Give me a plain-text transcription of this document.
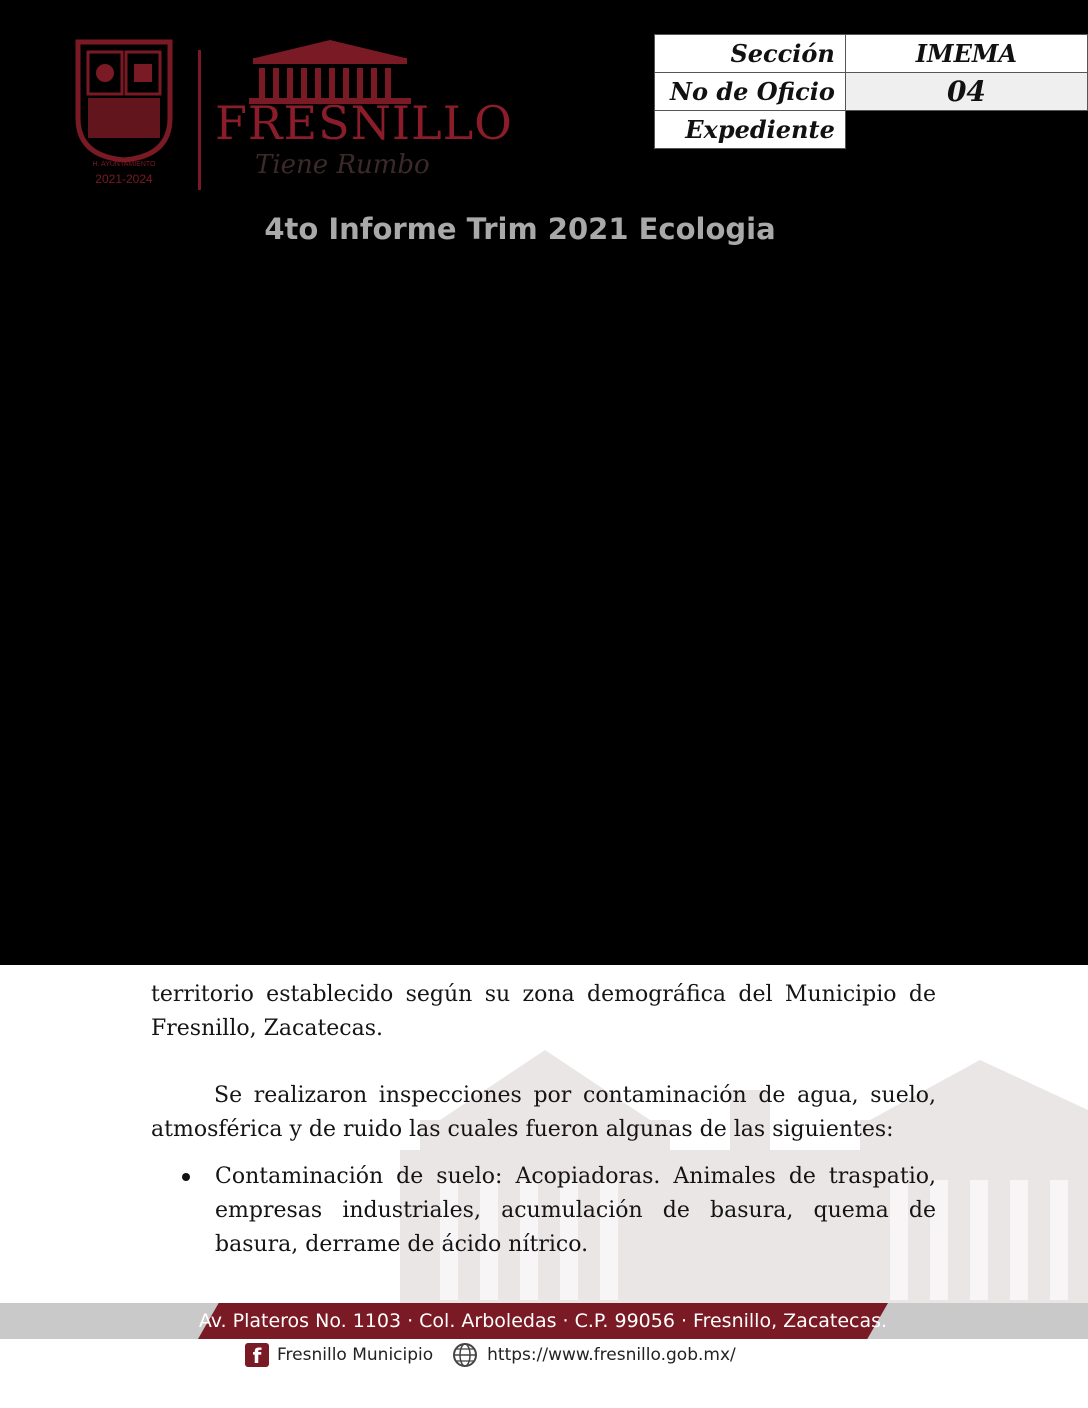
H. AYUNTAMIENTO
2021-2024
FRESNILLO
Tiene Rumbo
Sección	IMEMA
No de Oficio	04
Expediente	
4to Informe Trim 2021 Ecologia

territorio establecido según su zona demográfica del Municipio de Fresnillo, Zacatecas.

Se realizaron inspecciones por contaminación de agua, suelo, atmosférica y de ruido las cuales fueron algunas de las siguientes:

Contaminación de suelo: Acopiadoras. Animales de traspatio, empresas industriales, acumulación de basura, quema de basura, derrame de ácido nítrico.
Av. Plateros No. 1103 · Col. Arboledas · C.P. 99056 · Fresnillo, Zacatecas.
f Fresnillo Municipio	https://www.fresnillo.gob.mx/
